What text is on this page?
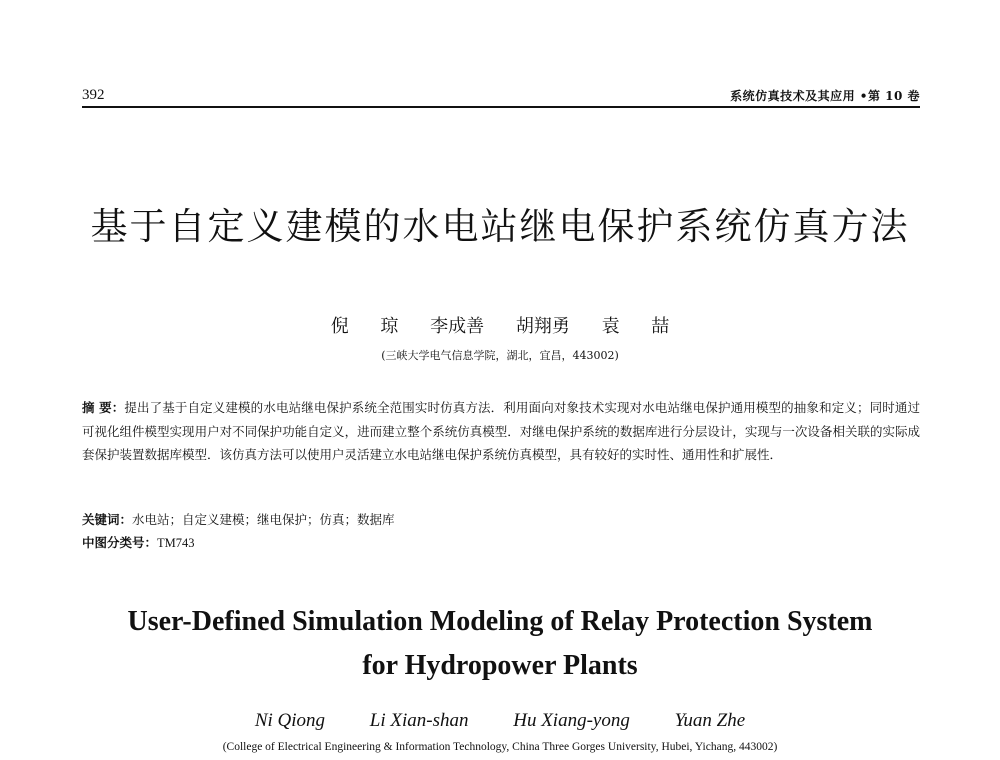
392	系统仿真技术及其应用 •第 10 卷
基于自定义建模的水电站继电保护系统仿真方法
倪 琼 李成善 胡翔勇 袁 喆
(三峡大学电气信息学院，湖北，宜昌，443002)
摘 要：提出了基于自定义建模的水电站继电保护系统全范围实时仿真方法．利用面向对象技术实现对水电站继电保护通用模型的抽象和定义；同时通过可视化组件模型实现用户对不同保护功能自定义，进而建立整个系统仿真模型．对继电保护系统的数据库进行分层设计，实现与一次设备相关联的实际成套保护装置数据库模型．该仿真方法可以使用户灵活建立水电站继电保护系统仿真模型，具有较好的实时性、通用性和扩展性．
关键词：水电站；自定义建模；继电保护；仿真；数据库
中图分类号：TM743
User-Defined Simulation Modeling of Relay Protection System
for Hydropower Plants
Ni Qiong Li Xian-shan Hu Xiang-yong Yuan Zhe
(College of Electrical Engineering & Information Technology, China Three Gorges University, Hubei, Yichang, 443002)
